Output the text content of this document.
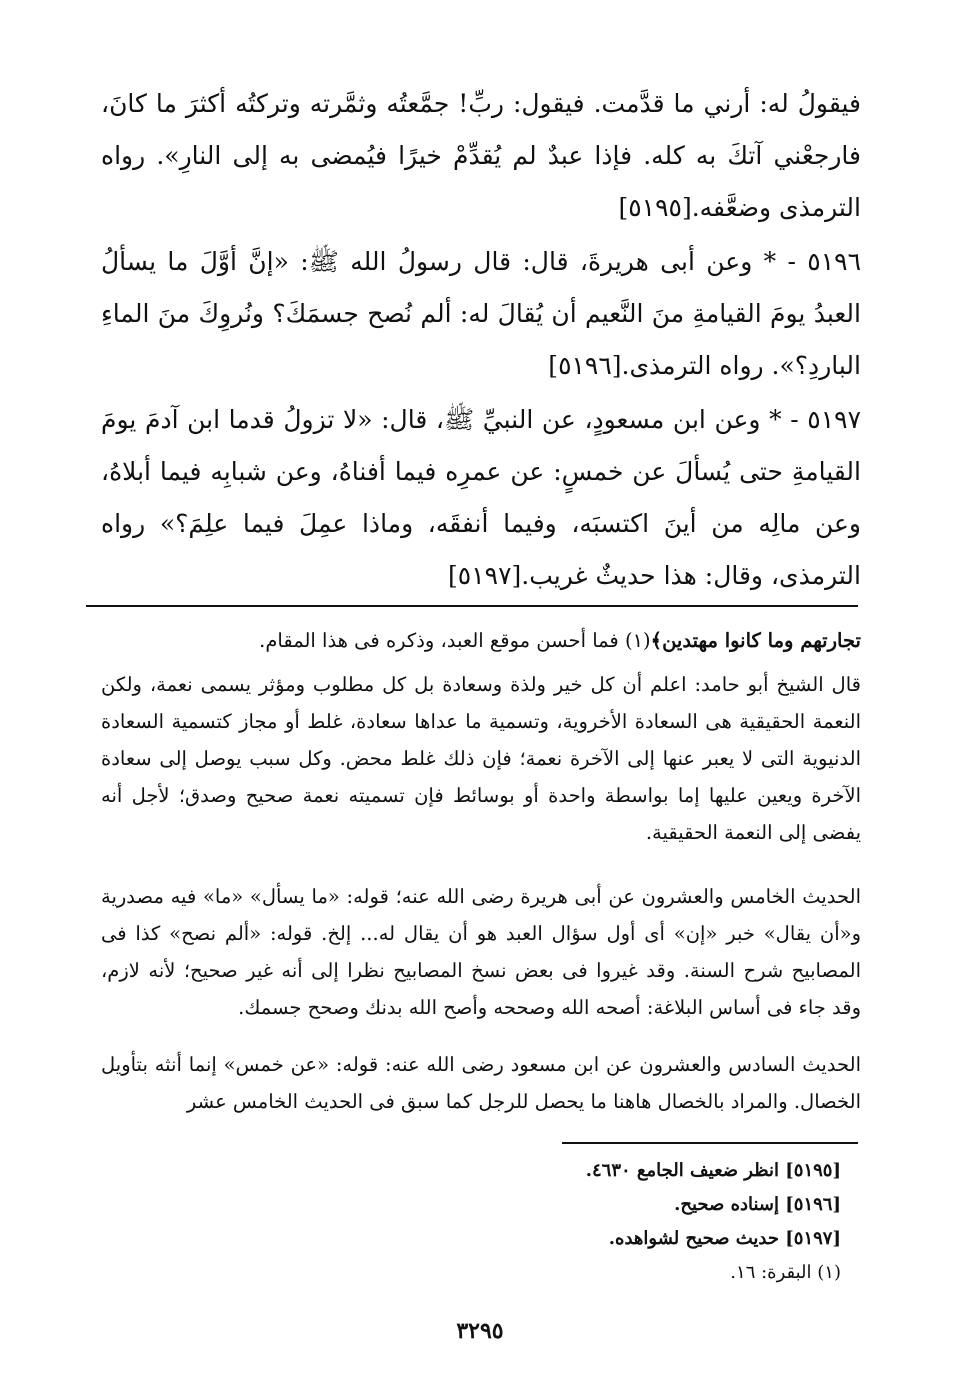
فيقولُ له: أرني ما قدَّمت. فيقول: ربِّ! جمَّعتُه وثمَّرته وتركتُه أكثرَ ما كانَ، فارجعْني آتكَ به كله. فإذا عبدٌ لم يُقدِّمْ خيرًا فيُمضى به إلى النارِ». رواه الترمذى وضعَّفه.[٥١٩٥]
٥١٩٦ - * وعن أبى هريرةَ، قال: قال رسولُ الله ﷺ: «إنَّ أوَّلَ ما يسألُ العبدُ يومَ القيامةِ منَ النَّعيم أن يُقالَ له: ألم نُصح جسمَكَ؟ ونُروِكَ منَ الماءِ الباردِ؟». رواه الترمذى.[٥١٩٦]
٥١٩٧ - * وعن ابن مسعودٍ، عن النبيِّ ﷺ، قال: «لا تزولُ قدما ابن آدمَ يومَ القيامةِ حتى يُسألَ عن خمسٍ: عن عمرِه فيما أفناهُ، وعن شبابِه فيما أبلاهُ، وعن مالِه من أينَ اكتسبَه، وفيما أنفقَه، وماذا عمِلَ فيما علِمَ؟» رواه الترمذى، وقال: هذا حديثٌ غريب.[٥١٩٧]
تجارتهم وما كانوا مهتدين﴾(١) فما أحسن موقع العبد، وذكره فى هذا المقام.
قال الشيخ أبو حامد: اعلم أن كل خير ولذة وسعادة بل كل مطلوب ومؤثر يسمى نعمة، ولكن النعمة الحقيقية هى السعادة الأخروية، وتسمية ما عداها سعادة، غلط أو مجاز كتسمية السعادة الدنيوية التى لا يعبر عنها إلى الآخرة نعمة؛ فإن ذلك غلط محض. وكل سبب يوصل إلى سعادة الآخرة ويعين عليها إما بواسطة واحدة أو بوسائط فإن تسميته نعمة صحيح وصدق؛ لأجل أنه يفضى إلى النعمة الحقيقية.
الحديث الخامس والعشرون عن أبى هريرة رضى الله عنه؛ قوله: «ما يسأل» «ما» فيه مصدرية و«أن يقال» خبر «إن» أى أول سؤال العبد هو أن يقال له... إلخ. قوله: «ألم نصح» كذا فى المصابيح شرح السنة. وقد غيروا فى بعض نسخ المصابيح نظرا إلى أنه غير صحيح؛ لأنه لازم، وقد جاء فى أساس البلاغة: أصحه الله وصححه وأصح الله بدنك وصحح جسمك.
الحديث السادس والعشرون عن ابن مسعود رضى الله عنه: قوله: «عن خمس» إنما أنثه بتأويل الخصال. والمراد بالخصال هاهنا ما يحصل للرجل كما سبق فى الحديث الخامس عشر
[٥١٩٥] انظر ضعيف الجامع ٤٦٣٠.
[٥١٩٦] إسناده صحيح.
[٥١٩٧] حديث صحيح لشواهده.
(١) البقرة: ١٦.
٣٢٩٥
